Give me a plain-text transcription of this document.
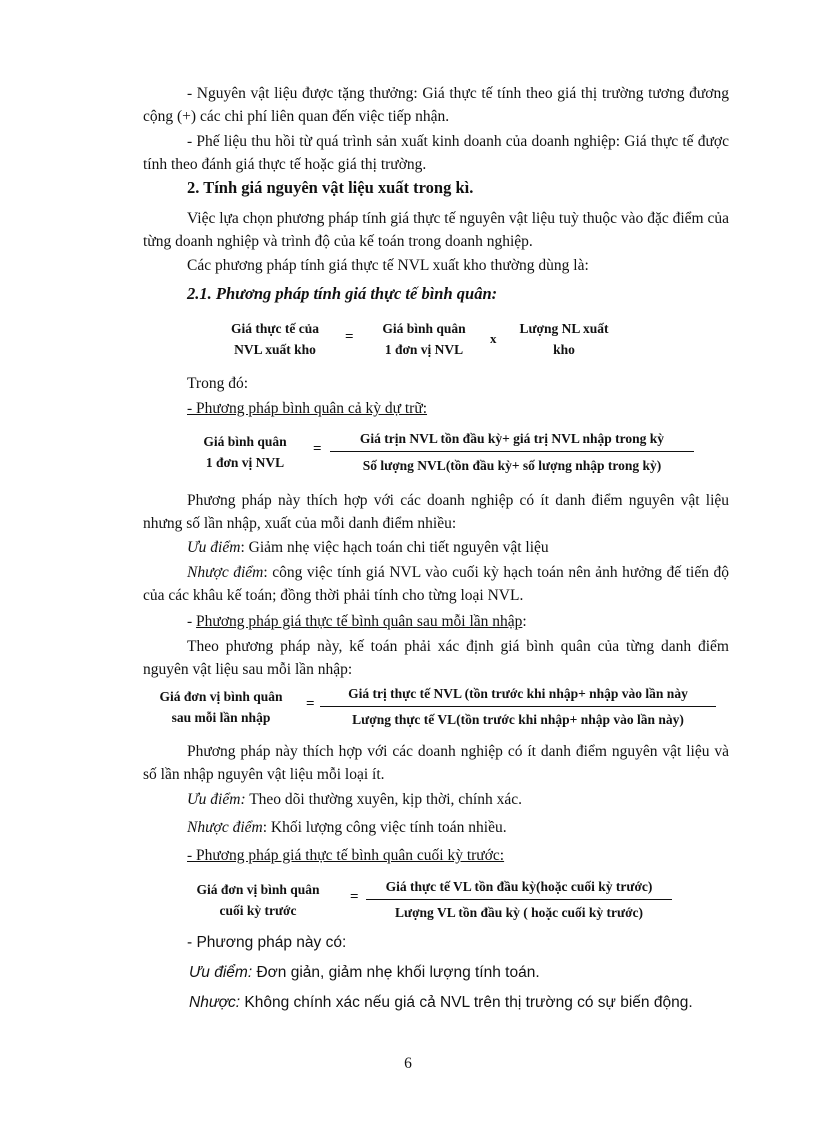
- Nguyên vật liệu được tặng thưởng: Giá thực tế tính theo giá thị trường tương đương cộng (+) các chi phí liên quan đến việc tiếp nhận.
- Phế liệu thu hồi từ quá trình sản xuất kinh doanh của doanh nghiệp: Giá thực tế được tính theo đánh giá thực tế hoặc giá thị trường.
2. Tính giá nguyên vật liệu xuất trong kì.
Việc lựa chọn phương pháp tính giá thực tế nguyên vật liệu tuỳ thuộc vào đặc điểm của từng doanh nghiệp và trình độ của kế toán trong doanh nghiệp.
Các phương pháp tính giá thực tế NVL xuất kho thường dùng là:
2.1. Phương pháp tính giá thực tế bình quân:
Giá thực tế của
NVL xuất kho
=
Giá bình quân
1 đơn vị NVL
x
Lượng NL xuất
kho
Trong đó:
- Phương pháp bình quân cả kỳ dự trữ:
Giá bình quân
1 đơn vị NVL
=
Giá trịn NVL tồn đầu kỳ+ giá trị NVL nhập trong kỳ
Số lượng NVL(tồn đầu kỳ+ số lượng nhập trong kỳ)
Phương pháp này thích hợp với các doanh nghiệp có ít danh điểm nguyên vật liệu nhưng số lần nhập, xuất của mỗi danh điểm nhiều:
Ưu điểm: Giảm nhẹ việc hạch toán chi tiết nguyên vật liệu
Nhược điểm: công việc tính giá NVL vào cuối kỳ hạch toán nên ảnh hưởng đế tiến độ của các khâu kế toán; đồng thời phải tính cho từng loại NVL.
- Phương pháp giá thực tế bình quân sau mỗi lần nhập:
Theo phương pháp này, kế toán phải xác định giá bình quân của từng danh điểm nguyên vật liệu sau mỗi lần nhập:
Giá đơn vị bình quân
sau mỗi lần nhập
=
Giá trị thực tế NVL (tồn trước khi nhập+ nhập vào lần này
Lượng thực tế VL(tồn trước khi nhập+ nhập vào lần này)
Phương pháp này thích hợp với các doanh nghiệp có ít danh điểm nguyên vật liệu và số lần nhập nguyên vật liệu mỗi loại ít.
Ưu điểm: Theo dõi thường xuyên, kịp thời, chính xác.
Nhược điểm: Khối lượng công việc tính toán nhiều.
- Phương pháp giá thực tế bình quân cuối kỳ trước:
Giá đơn vị bình quân
cuối kỳ trước
=
Giá thực tế VL tồn đầu kỳ(hoặc cuối kỳ trước)
Lượng VL tồn đầu kỳ ( hoặc cuối kỳ trước)
- Phương pháp này có:
Ưu điểm: Đơn giản, giảm nhẹ khối lượng tính toán.
Nhược: Không chính xác nếu giá cả NVL trên thị trường có sự biến động.
6
